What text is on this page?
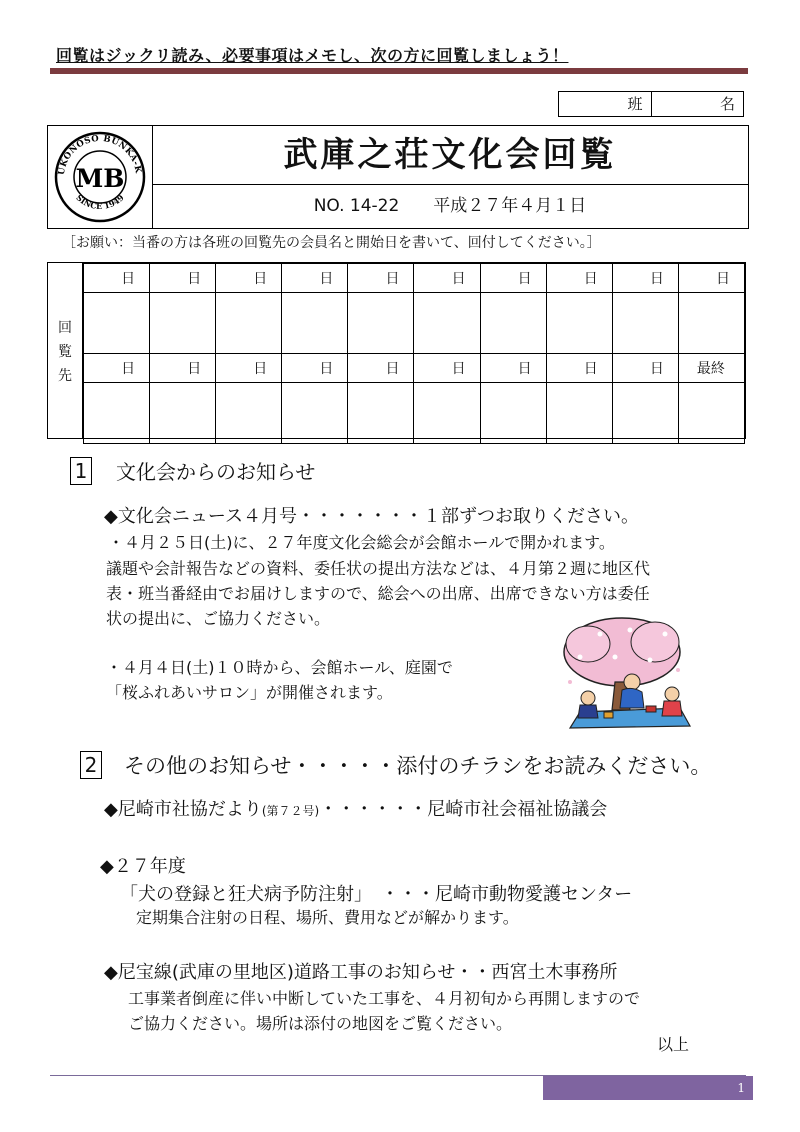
回覧はジックリ読み、必要事項はメモし、次の方に回覧しましょう！
班	名
UKONOSO BUNKA-K
SINCE 1949
MB
武庫之荘文化会回覧
NO. 14-22　　平成２７年４月１日
［お願い：当番の方は各班の回覧先の会員名と開始日を書いて、回付してください。］
回
覧
先
日	日	日	日	日	日	日	日	日	日

日	日	日	日	日	日	日	日	日	最終

1 文化会からのお知らせ
◆文化会ニュース４月号・・・・・・・１部ずつお取りください。
・４月２５日(土)に、２７年度文化会総会が会館ホールで開かれます。
議題や会計報告などの資料、委任状の提出方法などは、４月第２週に地区代
表・班当番経由でお届けしますので、総会への出席、出席できない方は委任
状の提出に、ご協力ください。
・４月４日(土)１０時から、会館ホール、庭園で
「桜ふれあいサロン」が開催されます。
2 その他のお知らせ・・・・・添付のチラシをお読みください。
◆尼崎市社協だより(第７２号)・・・・・・尼崎市社会福祉協議会
◆２７年度
「犬の登録と狂犬病予防注射」　・・・尼崎市動物愛護センター
定期集合注射の日程、場所、費用などが解かります。
◆尼宝線(武庫の里地区)道路工事のお知らせ・・西宮土木事務所
工事業者倒産に伴い中断していた工事を、４月初旬から再開しますので
ご協力ください。場所は添付の地図をご覧ください。
以上
1
